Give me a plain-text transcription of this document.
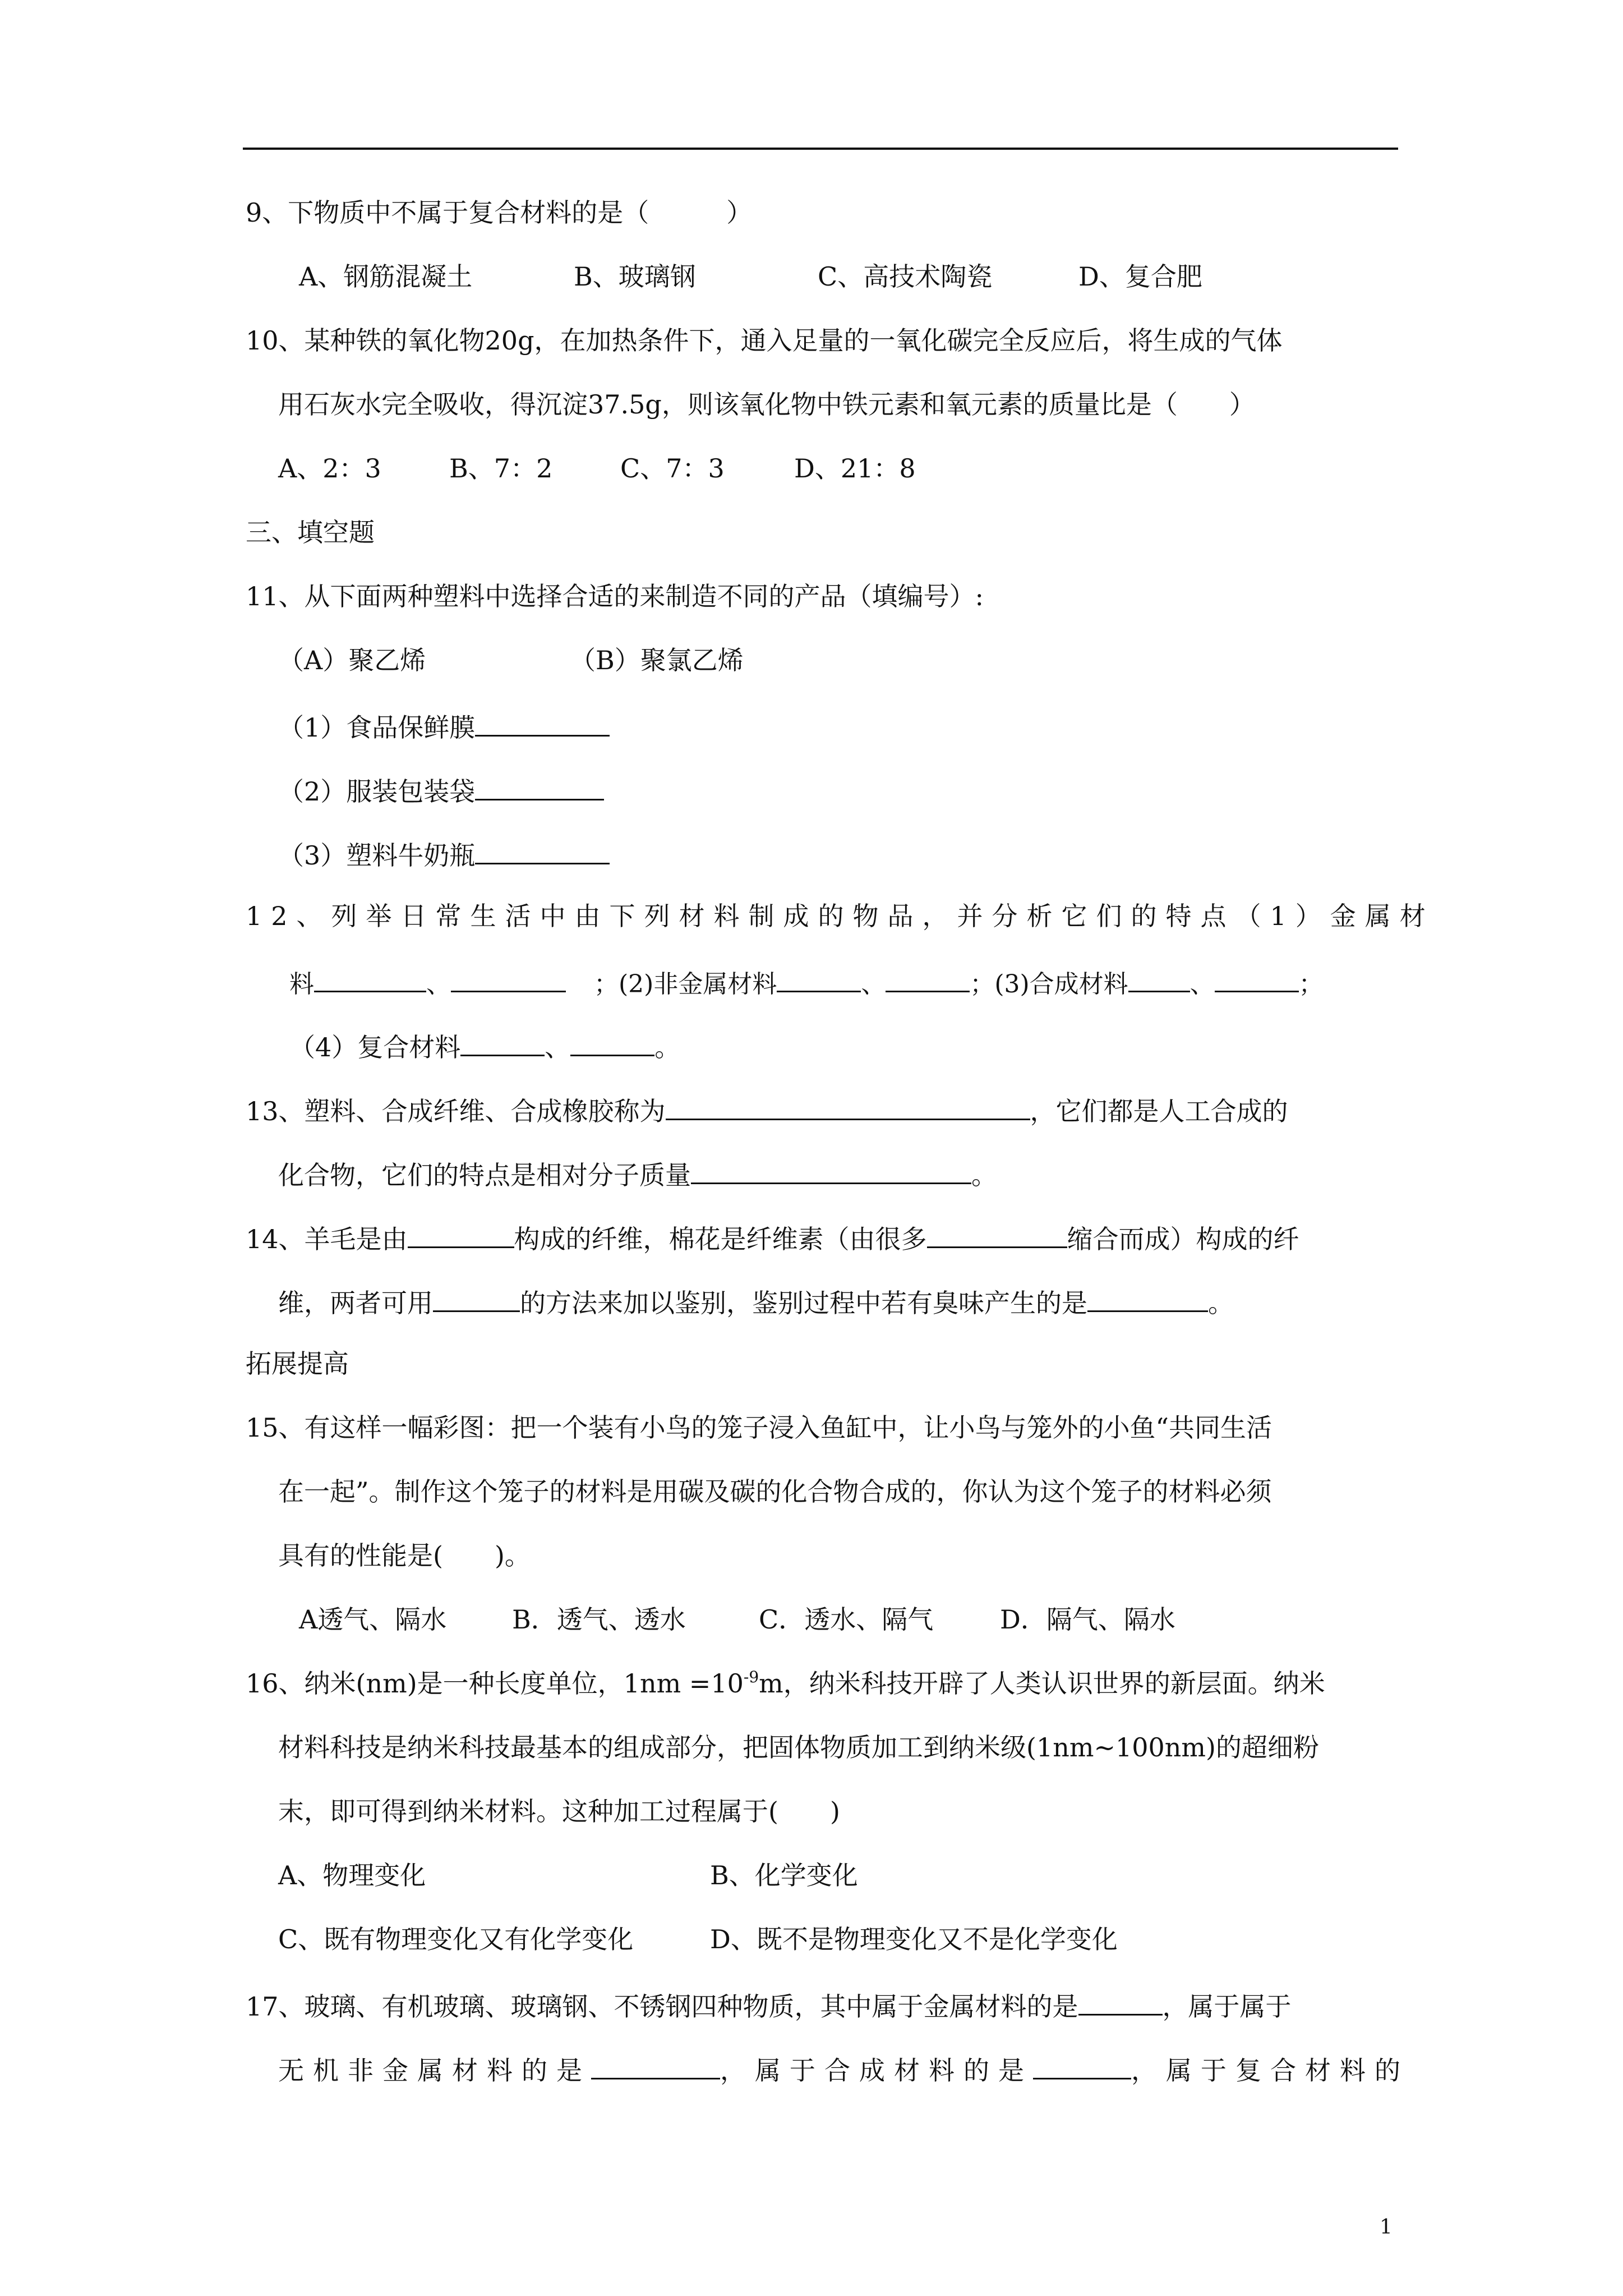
9、下物质中不属于复合材料的是（　　　）
A、钢筋混凝土	B、玻璃钢	C、高技术陶瓷	D、复合肥
10、某种铁的氧化物20g，在加热条件下，通入足量的一氧化碳完全反应后，将生成的气体
用石灰水完全吸收，得沉淀37.5g，则该氧化物中铁元素和氧元素的质量比是（　　）
A、2：3	B、7：2	C、7：3	D、21：8
三、填空题
11、从下面两种塑料中选择合适的来制造不同的产品（填编号）:
（A）聚乙烯	（B）聚氯乙烯
（1）食品保鲜膜
（2）服装包装袋
（3）塑料牛奶瓶
12、列举日常生活中由下列材料制成的物品，并分析它们的特点（1）金属材
料	、	；(2)非金属材料	、	；(3)合成材料	、	；
（4）复合材料	、	。
13、塑料、合成纤维、合成橡胶称为	，它们都是人工合成的
化合物，它们的特点是相对分子质量	。
14、羊毛是由	构成的纤维，棉花是纤维素（由很多	缩合而成）构成的纤
维，两者可用	的方法来加以鉴别，鉴别过程中若有臭味产生的是	。
拓展提高
15、有这样一幅彩图：把一个装有小鸟的笼子浸入鱼缸中，让小鸟与笼外的小鱼“共同生活
在一起”。制作这个笼子的材料是用碳及碳的化合物合成的，你认为这个笼子的材料必须
具有的性能是(　　)。
A透气、隔水	B．透气、透水	C．透水、隔气	D．隔气、隔水
16、纳米(nm)是一种长度单位，$1nm =10^{-9}m$，纳米科技开辟了人类认识世界的新层面。纳米
材料科技是纳米科技最基本的组成部分，把固体物质加工到纳米级(1nm~100nm)的超细粉
末，即可得到纳米材料。这种加工过程属于(　　)
A、物理变化	B、化学变化
C、既有物理变化又有化学变化	D、既不是物理变化又不是化学变化
17、玻璃、有机玻璃、玻璃钢、不锈钢四种物质，其中属于金属材料的是	，属于属于
无机非金属材料的是	，属于合成材料的是	，属于复合材料的
1
